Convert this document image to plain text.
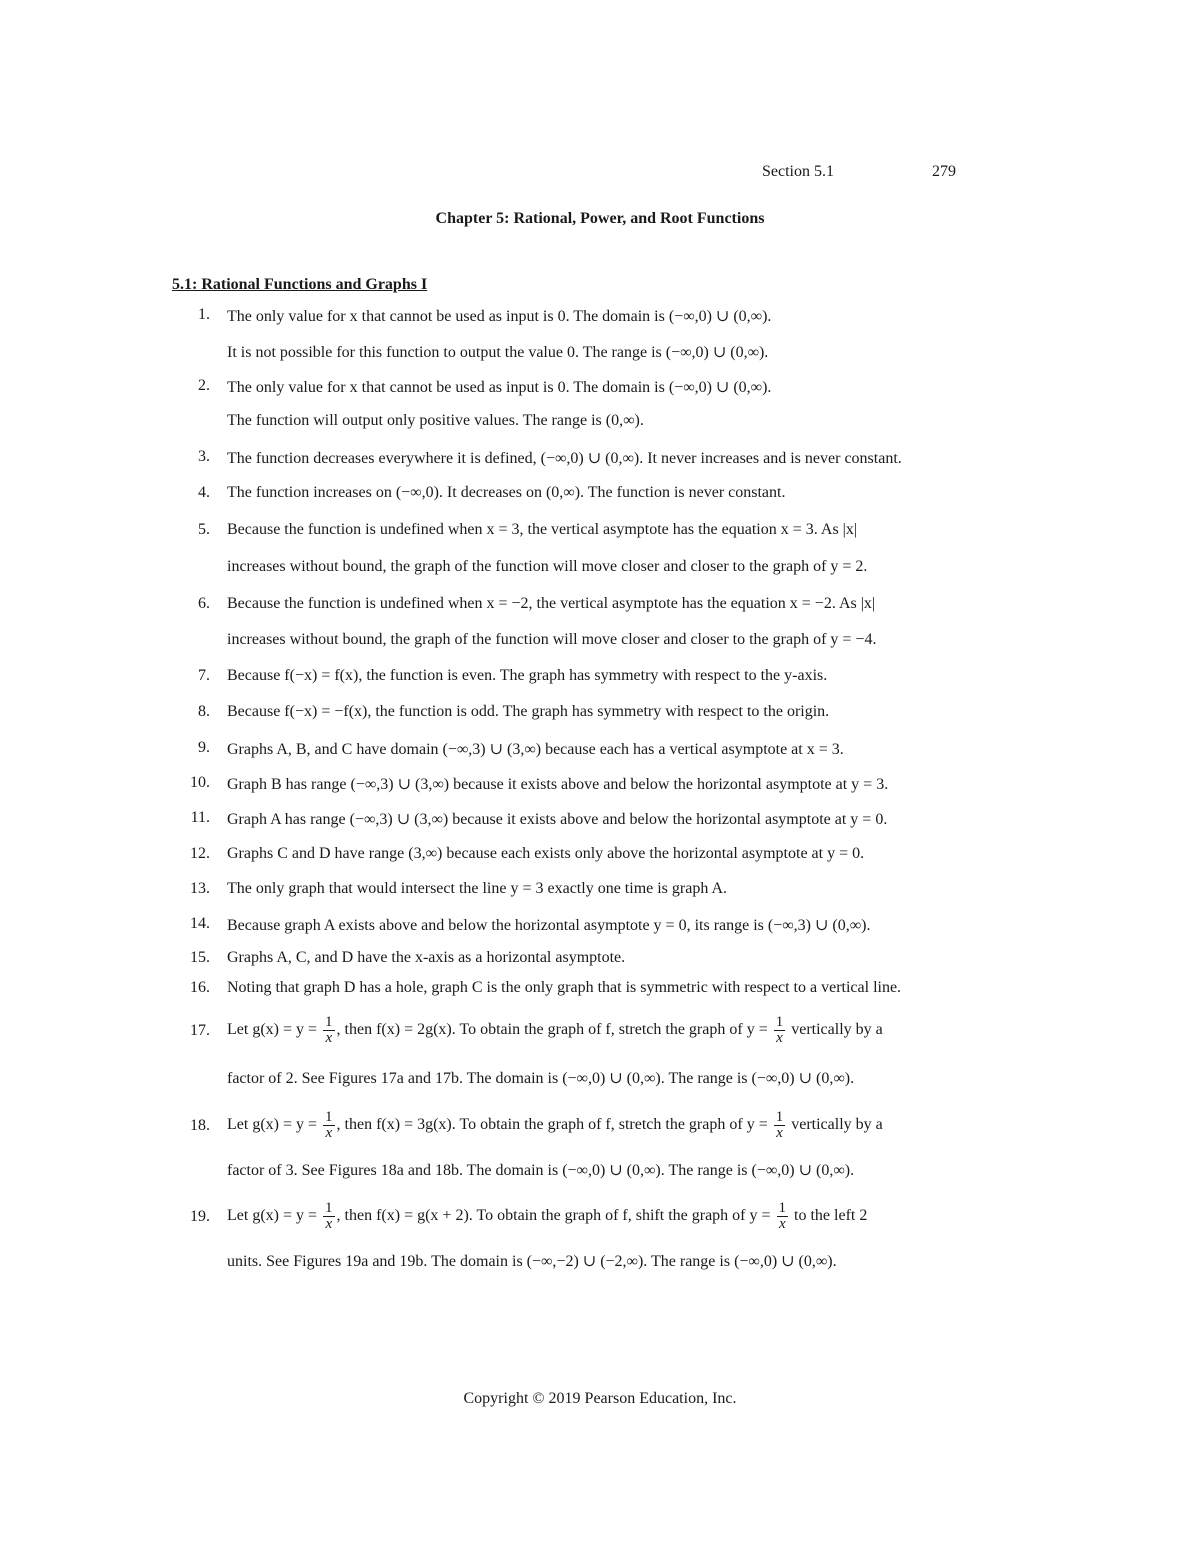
Section 5.1	279
Chapter 5: Rational, Power, and Root Functions
5.1: Rational Functions and Graphs I
1. The only value for x that cannot be used as input is 0. The domain is (−∞,0) ∪ (0,∞).
It is not possible for this function to output the value 0. The range is (−∞,0) ∪ (0,∞).
2. The only value for x that cannot be used as input is 0. The domain is (−∞,0) ∪ (0,∞).
The function will output only positive values. The range is (0,∞).
3. The function decreases everywhere it is defined, (−∞,0) ∪ (0,∞). It never increases and is never constant.
4. The function increases on (−∞,0). It decreases on (0,∞). The function is never constant.
5. Because the function is undefined when x = 3, the vertical asymptote has the equation x = 3. As |x|
increases without bound, the graph of the function will move closer and closer to the graph of y = 2.
6. Because the function is undefined when x = −2, the vertical asymptote has the equation x = −2. As |x|
increases without bound, the graph of the function will move closer and closer to the graph of y = −4.
7. Because f(−x) = f(x), the function is even. The graph has symmetry with respect to the y-axis.
8. Because f(−x) = −f(x), the function is odd. The graph has symmetry with respect to the origin.
9. Graphs A, B, and C have domain (−∞,3) ∪ (3,∞) because each has a vertical asymptote at x = 3.
10. Graph B has range (−∞,3) ∪ (3,∞) because it exists above and below the horizontal asymptote at y = 3.
11. Graph A has range (−∞,3) ∪ (3,∞) because it exists above and below the horizontal asymptote at y = 0.
12. Graphs C and D have range (3,∞) because each exists only above the horizontal asymptote at y = 0.
13. The only graph that would intersect the line y = 3 exactly one time is graph A.
14. Because graph A exists above and below the horizontal asymptote y = 0, its range is (−∞,3) ∪ (0,∞).
15. Graphs A, C, and D have the x-axis as a horizontal asymptote.
16. Noting that graph D has a hole, graph C is the only graph that is symmetric with respect to a vertical line.
17. Let $g(x) = y = \frac{1}{x}$ , then f(x) = 2g(x). To obtain the graph of f, stretch the graph of $y = \frac{1}{x}$ vertically by a
factor of 2. See Figures 17a and 17b. The domain is (−∞,0) ∪ (0,∞). The range is (−∞,0) ∪ (0,∞).
18. Let $g(x) = y = \frac{1}{x}$ , then f(x) = 3g(x). To obtain the graph of f, stretch the graph of $y = \frac{1}{x}$ vertically by a
factor of 3. See Figures 18a and 18b. The domain is (−∞,0) ∪ (0,∞). The range is (−∞,0) ∪ (0,∞).
19. Let $g(x) = y = \frac{1}{x}$ , then f(x) = g(x + 2). To obtain the graph of f, shift the graph of $y = \frac{1}{x}$ to the left 2
units. See Figures 19a and 19b. The domain is (−∞,−2) ∪ (−2,∞). The range is (−∞,0) ∪ (0,∞).
Copyright © 2019 Pearson Education, Inc.
